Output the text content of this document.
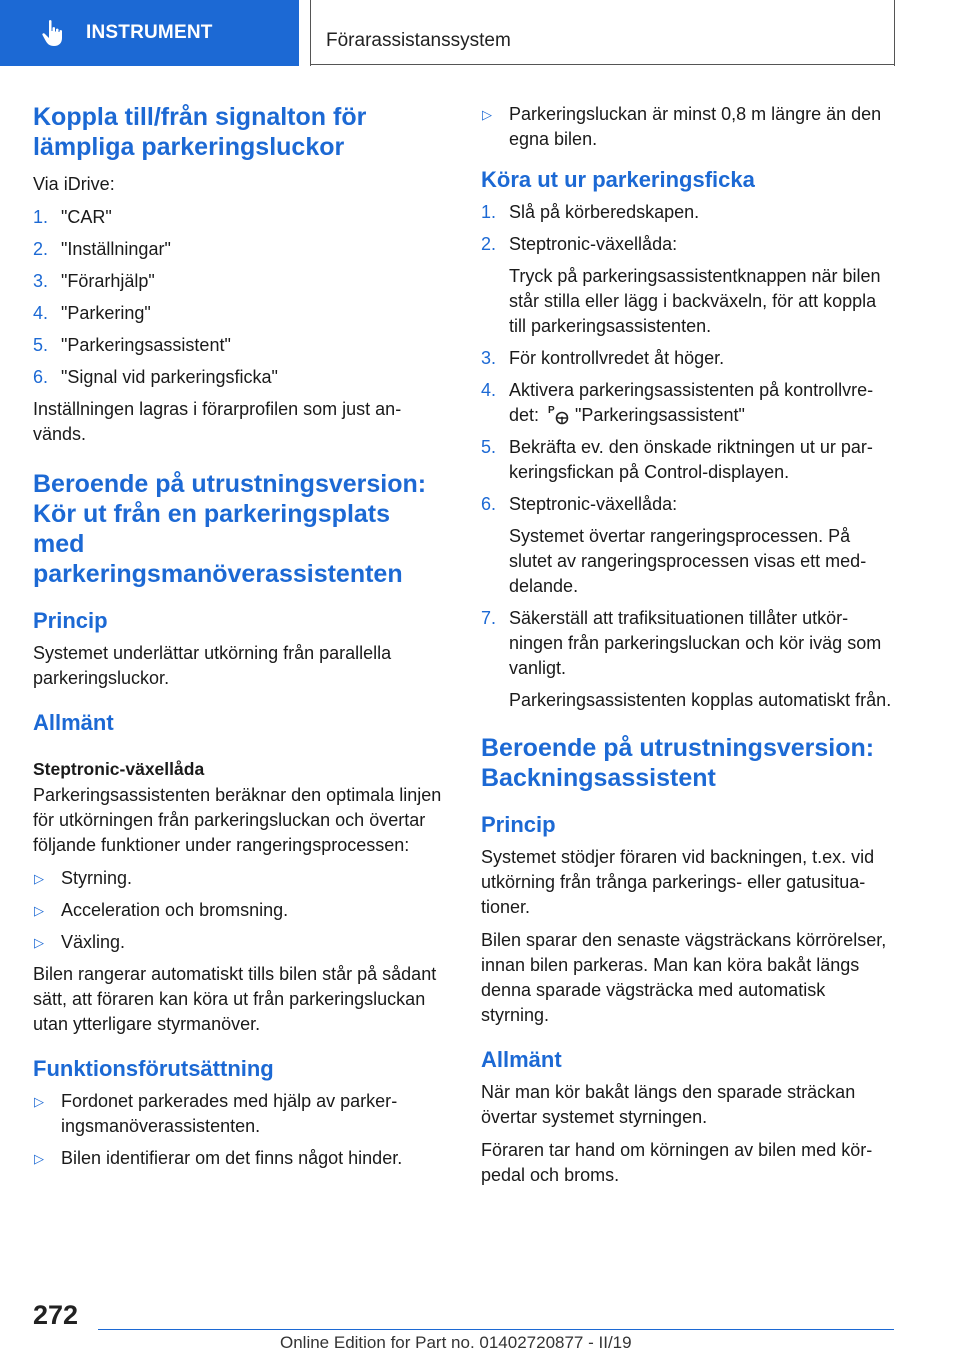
INSTRUMENT	Förarassistanssystem
Koppla till/från signalton för lämpliga parkeringsluckor

Via iDrive:

1. "CAR"
2. "Inställningar"
3. "Förarhjälp"
4. "Parkering"
5. "Parkeringsassistent"
6. "Signal vid parkeringsficka"

Inställningen lagras i förarprofilen som just används.

Beroende på utrustningsversion: Kör ut från en parkeringsplats med parkeringsmanöverassistenten
Princip

Systemet underlättar utkörning från parallella parkeringsluckor.

Allmänt
Steptronic-växellåda

Parkeringsassistenten beräknar den optimala linjen för utkörningen från parkeringsluckan och övertar följande funktioner under rangeringsprocessen:

▷ Styrning.
▷ Acceleration och bromsning.
▷ Växling.

Bilen rangerar automatiskt tills bilen står på sådant sätt, att föraren kan köra ut från parkeringsluckan utan ytterligare styrmanöver.

Funktionsförutsättning
▷ Fordonet parkerades med hjälp av parkeringsmanöverassistenten.
▷ Bilen identifierar om det finns något hinder.
▷ Parkeringsluckan är minst 0,8 m längre än den egna bilen.
Köra ut ur parkeringsficka
1. Slå på körberedskapen.
2. Steptronic-växellåda:
Tryck på parkeringsassistentknappen när bilen står stilla eller lägg i backväxeln, för att koppla till parkeringsassistenten.
3. För kontrollvredet åt höger.
4. Aktivera parkeringsassistenten på kontrollvredet: P "Parkeringsassistent"
5. Bekräfta ev. den önskade riktningen ut ur parkeringsfickan på Control-displayen.
6. Steptronic-växellåda:
Systemet övertar rangeringsprocessen. På slutet av rangeringsprocessen visas ett meddelande.
7. Säkerställ att trafiksituationen tillåter utkörningen från parkeringsluckan och kör iväg som vanligt.
Parkeringsassistenten kopplas automatiskt från.
Beroende på utrustningsversion: Backningsassistent
Princip

Systemet stödjer föraren vid backningen, t.ex. vid utkörning från trånga parkerings- eller gatusituationer.

Bilen sparar den senaste vägsträckans körrörelser, innan bilen parkeras. Man kan köra bakåt längs denna sparade vägsträcka med automatisk styrning.

Allmänt

När man kör bakåt längs den sparade sträckan övertar systemet styrningen.

Föraren tar hand om körningen av bilen med körpedal och broms.

272
Online Edition for Part no. 01402720877 - II/19
